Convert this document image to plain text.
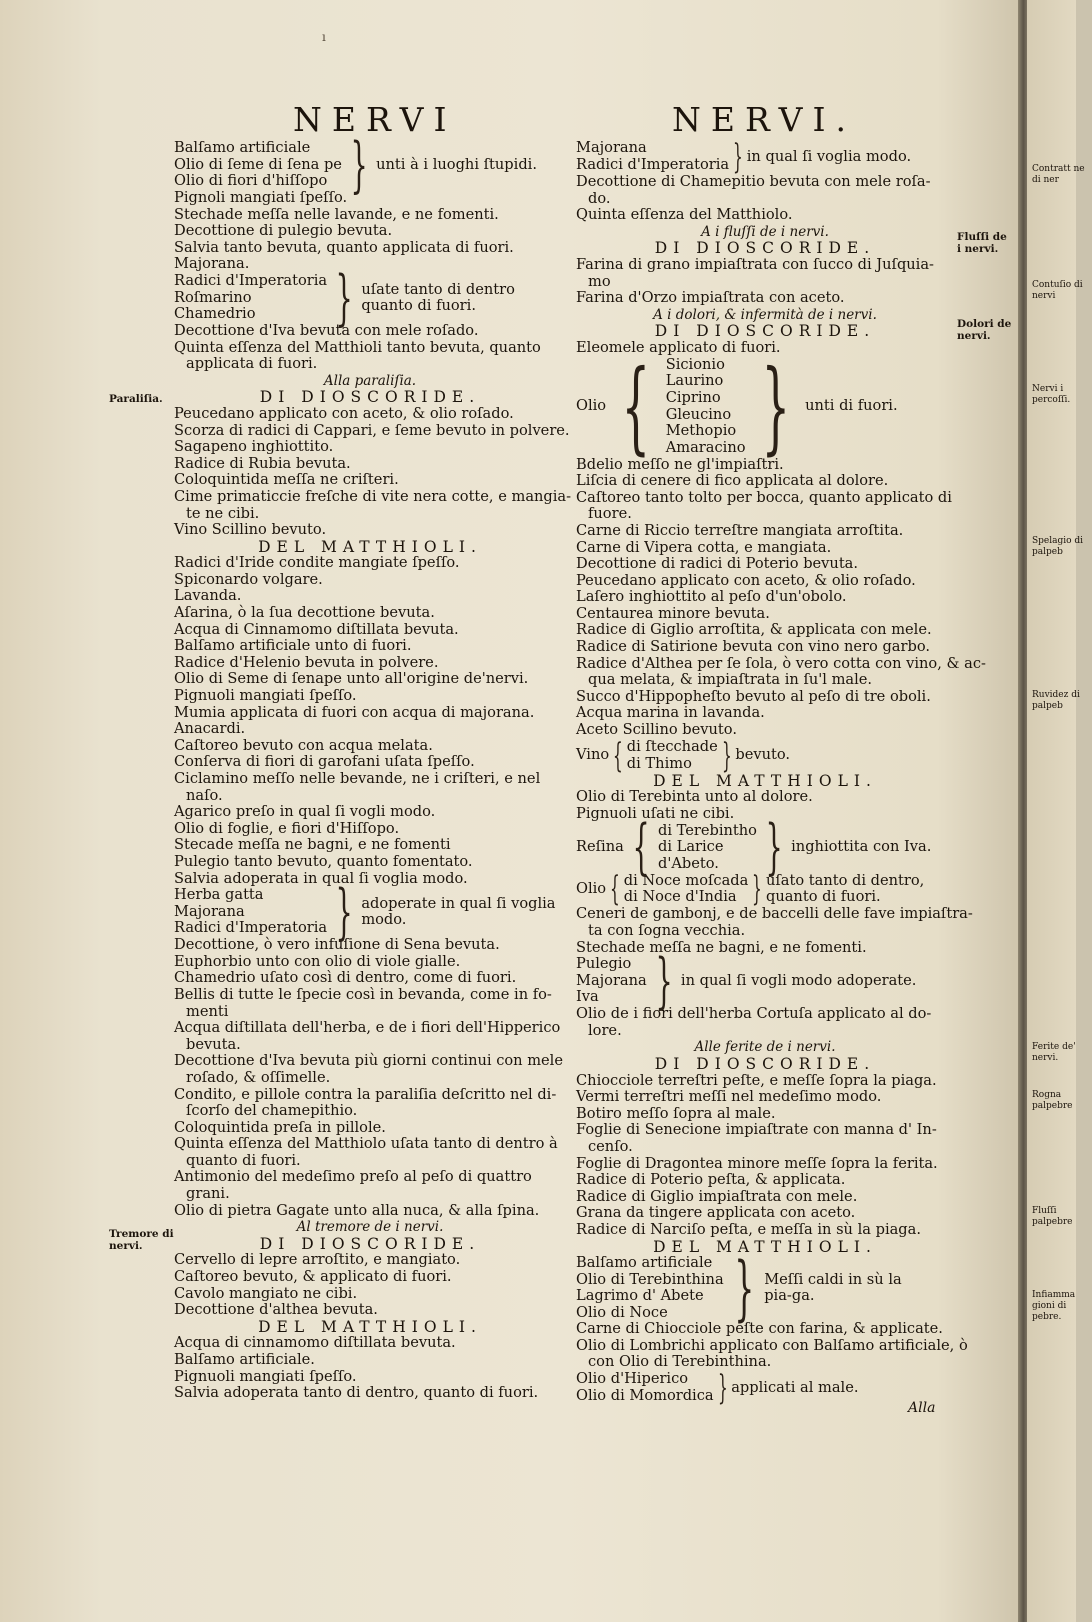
ı
NERVI	NERVI.
Balſamo artificiale
Olio di ſeme di ſena pe
Olio di fiori d'hiſſopo } unti à i luoghi ſtupidi.
Pignoli mangiati ſpeſſo.
Stechade meſſa nelle lavande, e ne fomenti.
Decottione di pulegio bevuta.
Salvia tanto bevuta, quanto applicata di fuori.
Majorana.
Radici d'Imperatoria
Roſmarino
Chamedrio	} uſate tanto di dentro quanto di fuori.
Decottione d'Iva bevuta con mele roſado.
Quinta eſſenza del Matthioli tanto bevuta, quanto
applicata di fuori.
Alla paraliſia.
DI DIOSCORIDE.
Peucedano applicato con aceto, & olio roſado.
Scorza di radici di Cappari, e ſeme bevuto in polvere.
Sagapeno inghiottito.
Radice di Rubia bevuta.
Coloquintida meſſa ne criſteri.
Cime primaticcie freſche di vite nera cotte, e mangia-
te ne cibi.
Vino Scillino bevuto.
DEL MATTHIOLI.
Radici d'Iride condite mangiate ſpeſſo.
Spiconardo volgare.
Lavanda.
Aſarina, ò la ſua decottione bevuta.
Acqua di Cinnamomo diſtillata bevuta.
Balſamo artificiale unto di fuori.
Radice d'Helenio bevuta in polvere.
Olio di Seme di ſenape unto all'origine de'nervi.
Pignuoli mangiati ſpeſſo.
Mumia applicata di fuori con acqua di majorana.
Anacardi.
Caſtoreo bevuto con acqua melata.
Conſerva di fiori di garofani uſata ſpeſſo.
Ciclamino meſſo nelle bevande, ne i criſteri, e nel
naſo.
Agarico preſo in qual ſi vogli modo.
Olio di foglie, e fiori d'Hiſſopo.
Stecade meſſa ne bagni, e ne fomenti
Pulegio tanto bevuto, quanto fomentato.
Salvia adoperata in qual ſi voglia modo.
Herba gatta
Majorana
Radici d'Imperatoria } adoperate in qual ſi voglia modo.
Decottione, ò vero infuſione di Sena bevuta.
Euphorbio unto con olio di viole gialle.
Chamedrio uſato così di dentro, come di fuori.
Bellis di tutte le ſpecie così in bevanda, come in fo-
menti
Acqua diſtillata dell'herba, e de i fiori dell'Hipperico
bevuta.
Decottione d'Iva bevuta più giorni continui con mele
roſado, & oſſimelle.
Condito, e pillole contra la paraliſia deſcritto nel di-
ſcorſo del chamepithio.
Coloquintida preſa in pillole.
Quinta eſſenza del Matthiolo uſata tanto di dentro à
quanto di fuori.
Antimonio del medeſimo preſo al peſo di quattro
grani.
Olio di pietra Gagate unto alla nuca, & alla ſpina.
Al tremore de i nervi.
DI DIOSCORIDE.
Cervello di lepre arroſtito, e mangiato.
Caſtoreo bevuto, & applicato di fuori.
Cavolo mangiato ne cibi.
Decottione d'althea bevuta.
DEL MATTHIOLI.
Acqua di cinnamomo diſtillata bevuta.
Balſamo artificiale.
Pignuoli mangiati ſpeſſo.
Salvia adoperata tanto di dentro, quanto di fuori.
Majorana
Radici d'Imperatoria } in qual ſi voglia modo.
Decottione di Chamepitio bevuta con mele roſa-
do.
Quinta eſſenza del Matthiolo.
A i fluſſi de i nervi.
DI DIOSCORIDE.
Farina di grano impiaſtrata con ſucco di Juſquia-
mo
Farina d'Orzo impiaſtrata con aceto.
A i dolori, & infermità de i nervi.
DI DIOSCORIDE.
Eleomele applicato di fuori.
Olio { Sicionio
Laurino
Ciprino
Gleucino
Methopio
Amaracino } unti di fuori.
Bdelio meſſo ne gl'impiaſtri.
Liſcia di cenere di fico applicata al dolore.
Caſtoreo tanto tolto per bocca, quanto applicato di
fuore.
Carne di Riccio terreſtre mangiata arroſtita.
Carne di Vipera cotta, e mangiata.
Decottione di radici di Poterio bevuta.
Peucedano applicato con aceto, & olio roſado.
Laſero inghiottito al peſo d'un'obolo.
Centaurea minore bevuta.
Radice di Giglio arroſtita, & applicata con mele.
Radice di Satirione bevuta con vino nero garbo.
Radice d'Althea per ſe ſola, ò vero cotta con vino, & ac-
qua melata, & impiaſtrata in ſu'l male.
Succo d'Hippopheſto bevuto al peſo di tre oboli.
Acqua marina in lavanda.
Aceto Scillino bevuto.
Vino { di ſtecchade
di Thimo } bevuto.
DEL MATTHIOLI.
Olio di Terebinta unto al dolore.
Pignuoli uſati ne cibi.
Reſina { di Terebintho
di Larice
d'Abeto. } inghiottita con Iva.
Olio { di Noce moſcada
di Noce d'India } uſato tanto di dentro, quanto di fuori.
Ceneri de gambonj, e de baccelli delle fave impiaſtra-
ta con ſogna vecchia.
Stechade meſſa ne bagni, e ne fomenti.
Pulegio
Majorana
Iva } in qual ſi vogli modo adoperate.
Olio de i fiori dell'herba Cortuſa applicato al do-
lore.
Alle ferite de i nervi.
DI DIOSCORIDE.
Chiocciole terreſtri peſte, e meſſe ſopra la piaga.
Vermi terreſtri meſſi nel medeſimo modo.
Botiro meſſo ſopra al male.
Foglie di Senecione impiaſtrate con manna d' In-
cenſo.
Foglie di Dragontea minore meſſe ſopra la ferita.
Radice di Poterio peſta, & applicata.
Radice di Giglio impiaſtrata con mele.
Grana da tingere applicata con aceto.
Radice di Narciſo peſta, e meſſa in sù la piaga.
DEL MATTHIOLI.
Balſamo artificiale
Olio di Terebinthina
Lagrimo d' Abete
Olio di Noce } Meſſi caldi in sù la pia-ga.
Carne di Chiocciole peſte con farina, & applicate.
Olio di Lombrichi applicato con Balſamo artificiale, ò
con Olio di Terebinthina.
Olio d'Hiperico
Olio di Momordica } applicati al male.
Alla
Paraliſia.
Tremore di nervi.
Fluſſi de i nervi.
Dolori de nervi.
Contratt ne di ner
Contuſio di nervi
Nervi i percoſſi.
Spelagio di palpeb
Ruvidez di palpeb
Ferite de' nervi.
Rogna palpebre
Fluſſi palpebre
Infiamma gioni di pebre.
